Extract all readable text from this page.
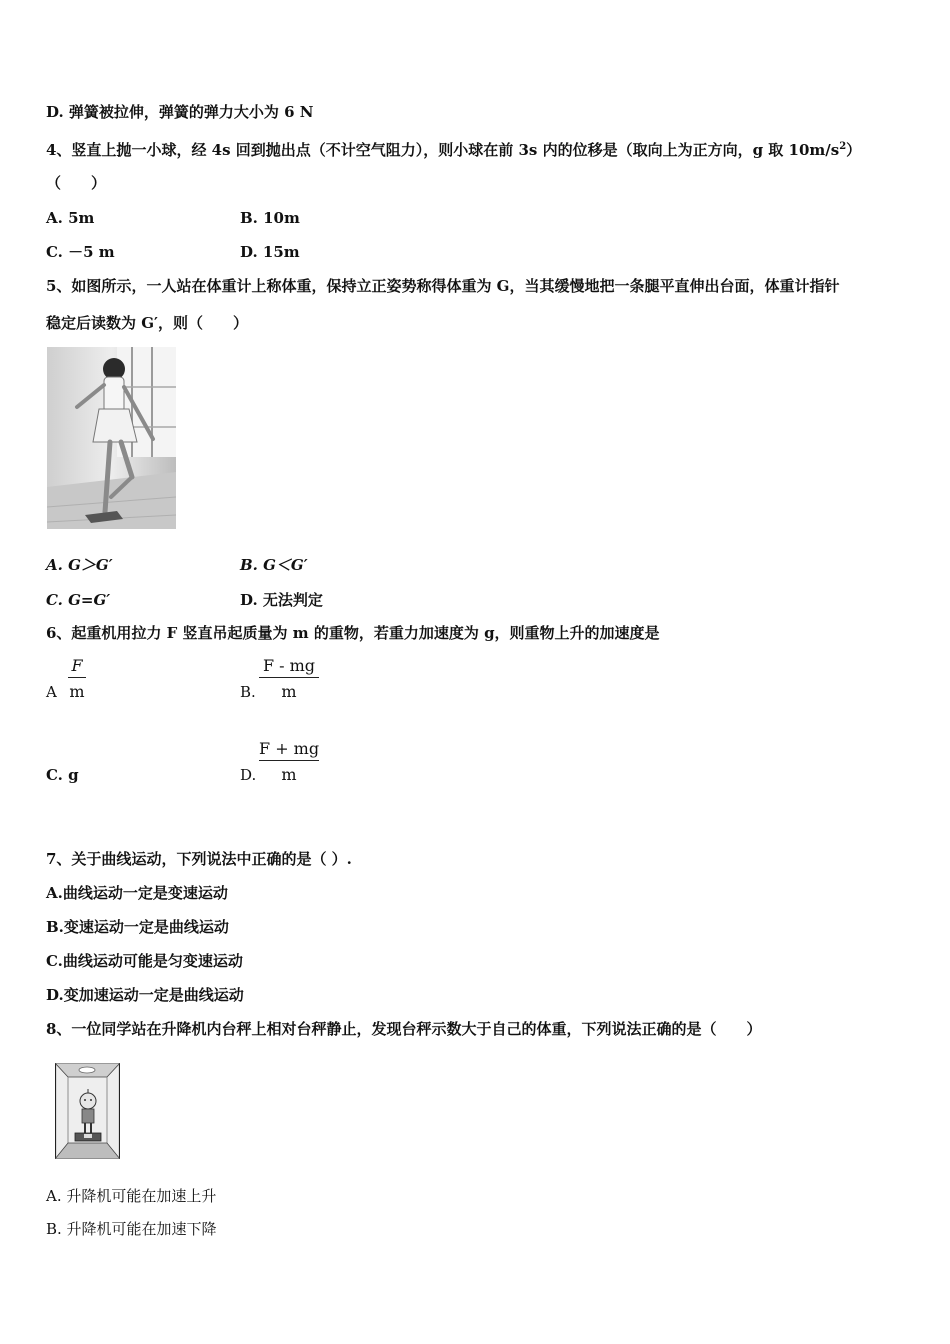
D. 弹簧被拉伸，弹簧的弹力大小为 6 N
4、竖直上抛一小球，经 4s 回到抛出点（不计空气阻力），则小球在前 3s 内的位移是（取向上为正方向，g 取 $10m/s^2$）
（　　）
A. 5m	B. 10m
C. －5 m	D. 15m
5、如图所示，一人站在体重计上称体重，保持立正姿势称得体重为 G，当其缓慢地把一条腿平直伸出台面，体重计指针
稳定后读数为 G′，则（　　）
A. G＞G′	B. G＜G′
C. G=G′	D. 无法判定
6、起重机用拉力 F 竖直吊起质量为 m 的重物，若重力加速度为 g，则重物上升的加速度是
A
F
m	B.
F - mg
m
C. g	D.
F + mg
m
7、关于曲线运动，下列说法中正确的是（ ）.
A.曲线运动一定是变速运动
B.变速运动一定是曲线运动
C.曲线运动可能是匀变速运动
D.变加速运动一定是曲线运动
8、一位同学站在升降机内台秤上相对台秤静止，发现台秤示数大于自己的体重，下列说法正确的是（　　）
A. 升降机可能在加速上升
B. 升降机可能在加速下降
